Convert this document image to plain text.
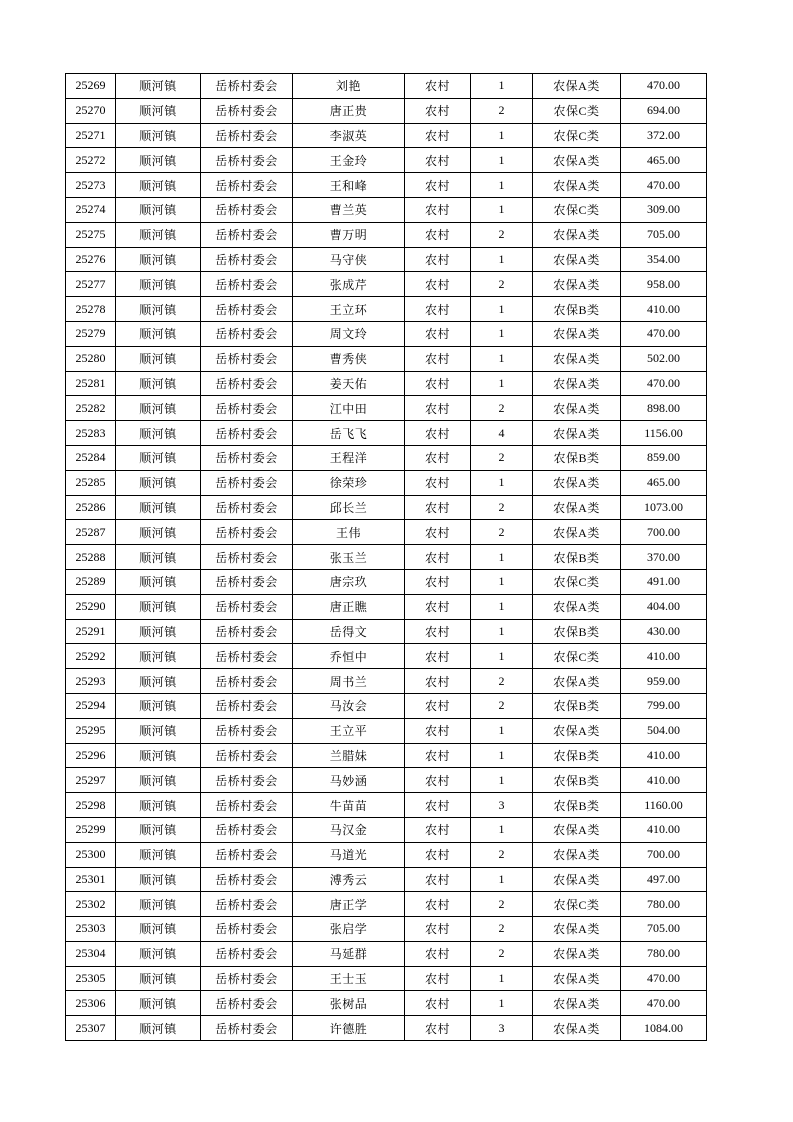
25269	顺河镇	岳桥村委会	刘艳	农村	1	农保A类	470.00
25270	顺河镇	岳桥村委会	唐正贵	农村	2	农保C类	694.00
25271	顺河镇	岳桥村委会	李淑英	农村	1	农保C类	372.00
25272	顺河镇	岳桥村委会	王金玲	农村	1	农保A类	465.00
25273	顺河镇	岳桥村委会	王和峰	农村	1	农保A类	470.00
25274	顺河镇	岳桥村委会	曹兰英	农村	1	农保C类	309.00
25275	顺河镇	岳桥村委会	曹万明	农村	2	农保A类	705.00
25276	顺河镇	岳桥村委会	马守侠	农村	1	农保A类	354.00
25277	顺河镇	岳桥村委会	张成芹	农村	2	农保A类	958.00
25278	顺河镇	岳桥村委会	王立环	农村	1	农保B类	410.00
25279	顺河镇	岳桥村委会	周文玲	农村	1	农保A类	470.00
25280	顺河镇	岳桥村委会	曹秀侠	农村	1	农保A类	502.00
25281	顺河镇	岳桥村委会	姜天佑	农村	1	农保A类	470.00
25282	顺河镇	岳桥村委会	江中田	农村	2	农保A类	898.00
25283	顺河镇	岳桥村委会	岳飞飞	农村	4	农保A类	1156.00
25284	顺河镇	岳桥村委会	王程洋	农村	2	农保B类	859.00
25285	顺河镇	岳桥村委会	徐荣珍	农村	1	农保A类	465.00
25286	顺河镇	岳桥村委会	邱长兰	农村	2	农保A类	1073.00
25287	顺河镇	岳桥村委会	王伟	农村	2	农保A类	700.00
25288	顺河镇	岳桥村委会	张玉兰	农村	1	农保B类	370.00
25289	顺河镇	岳桥村委会	唐宗玖	农村	1	农保C类	491.00
25290	顺河镇	岳桥村委会	唐正瞧	农村	1	农保A类	404.00
25291	顺河镇	岳桥村委会	岳得文	农村	1	农保B类	430.00
25292	顺河镇	岳桥村委会	乔恒中	农村	1	农保C类	410.00
25293	顺河镇	岳桥村委会	周书兰	农村	2	农保A类	959.00
25294	顺河镇	岳桥村委会	马汝会	农村	2	农保B类	799.00
25295	顺河镇	岳桥村委会	王立平	农村	1	农保A类	504.00
25296	顺河镇	岳桥村委会	兰腊妹	农村	1	农保B类	410.00
25297	顺河镇	岳桥村委会	马妙涵	农村	1	农保B类	410.00
25298	顺河镇	岳桥村委会	牛苗苗	农村	3	农保B类	1160.00
25299	顺河镇	岳桥村委会	马汉金	农村	1	农保A类	410.00
25300	顺河镇	岳桥村委会	马道光	农村	2	农保A类	700.00
25301	顺河镇	岳桥村委会	溥秀云	农村	1	农保A类	497.00
25302	顺河镇	岳桥村委会	唐正学	农村	2	农保C类	780.00
25303	顺河镇	岳桥村委会	张启学	农村	2	农保A类	705.00
25304	顺河镇	岳桥村委会	马延群	农村	2	农保A类	780.00
25305	顺河镇	岳桥村委会	王士玉	农村	1	农保A类	470.00
25306	顺河镇	岳桥村委会	张树品	农村	1	农保A类	470.00
25307	顺河镇	岳桥村委会	许德胜	农村	3	农保A类	1084.00
